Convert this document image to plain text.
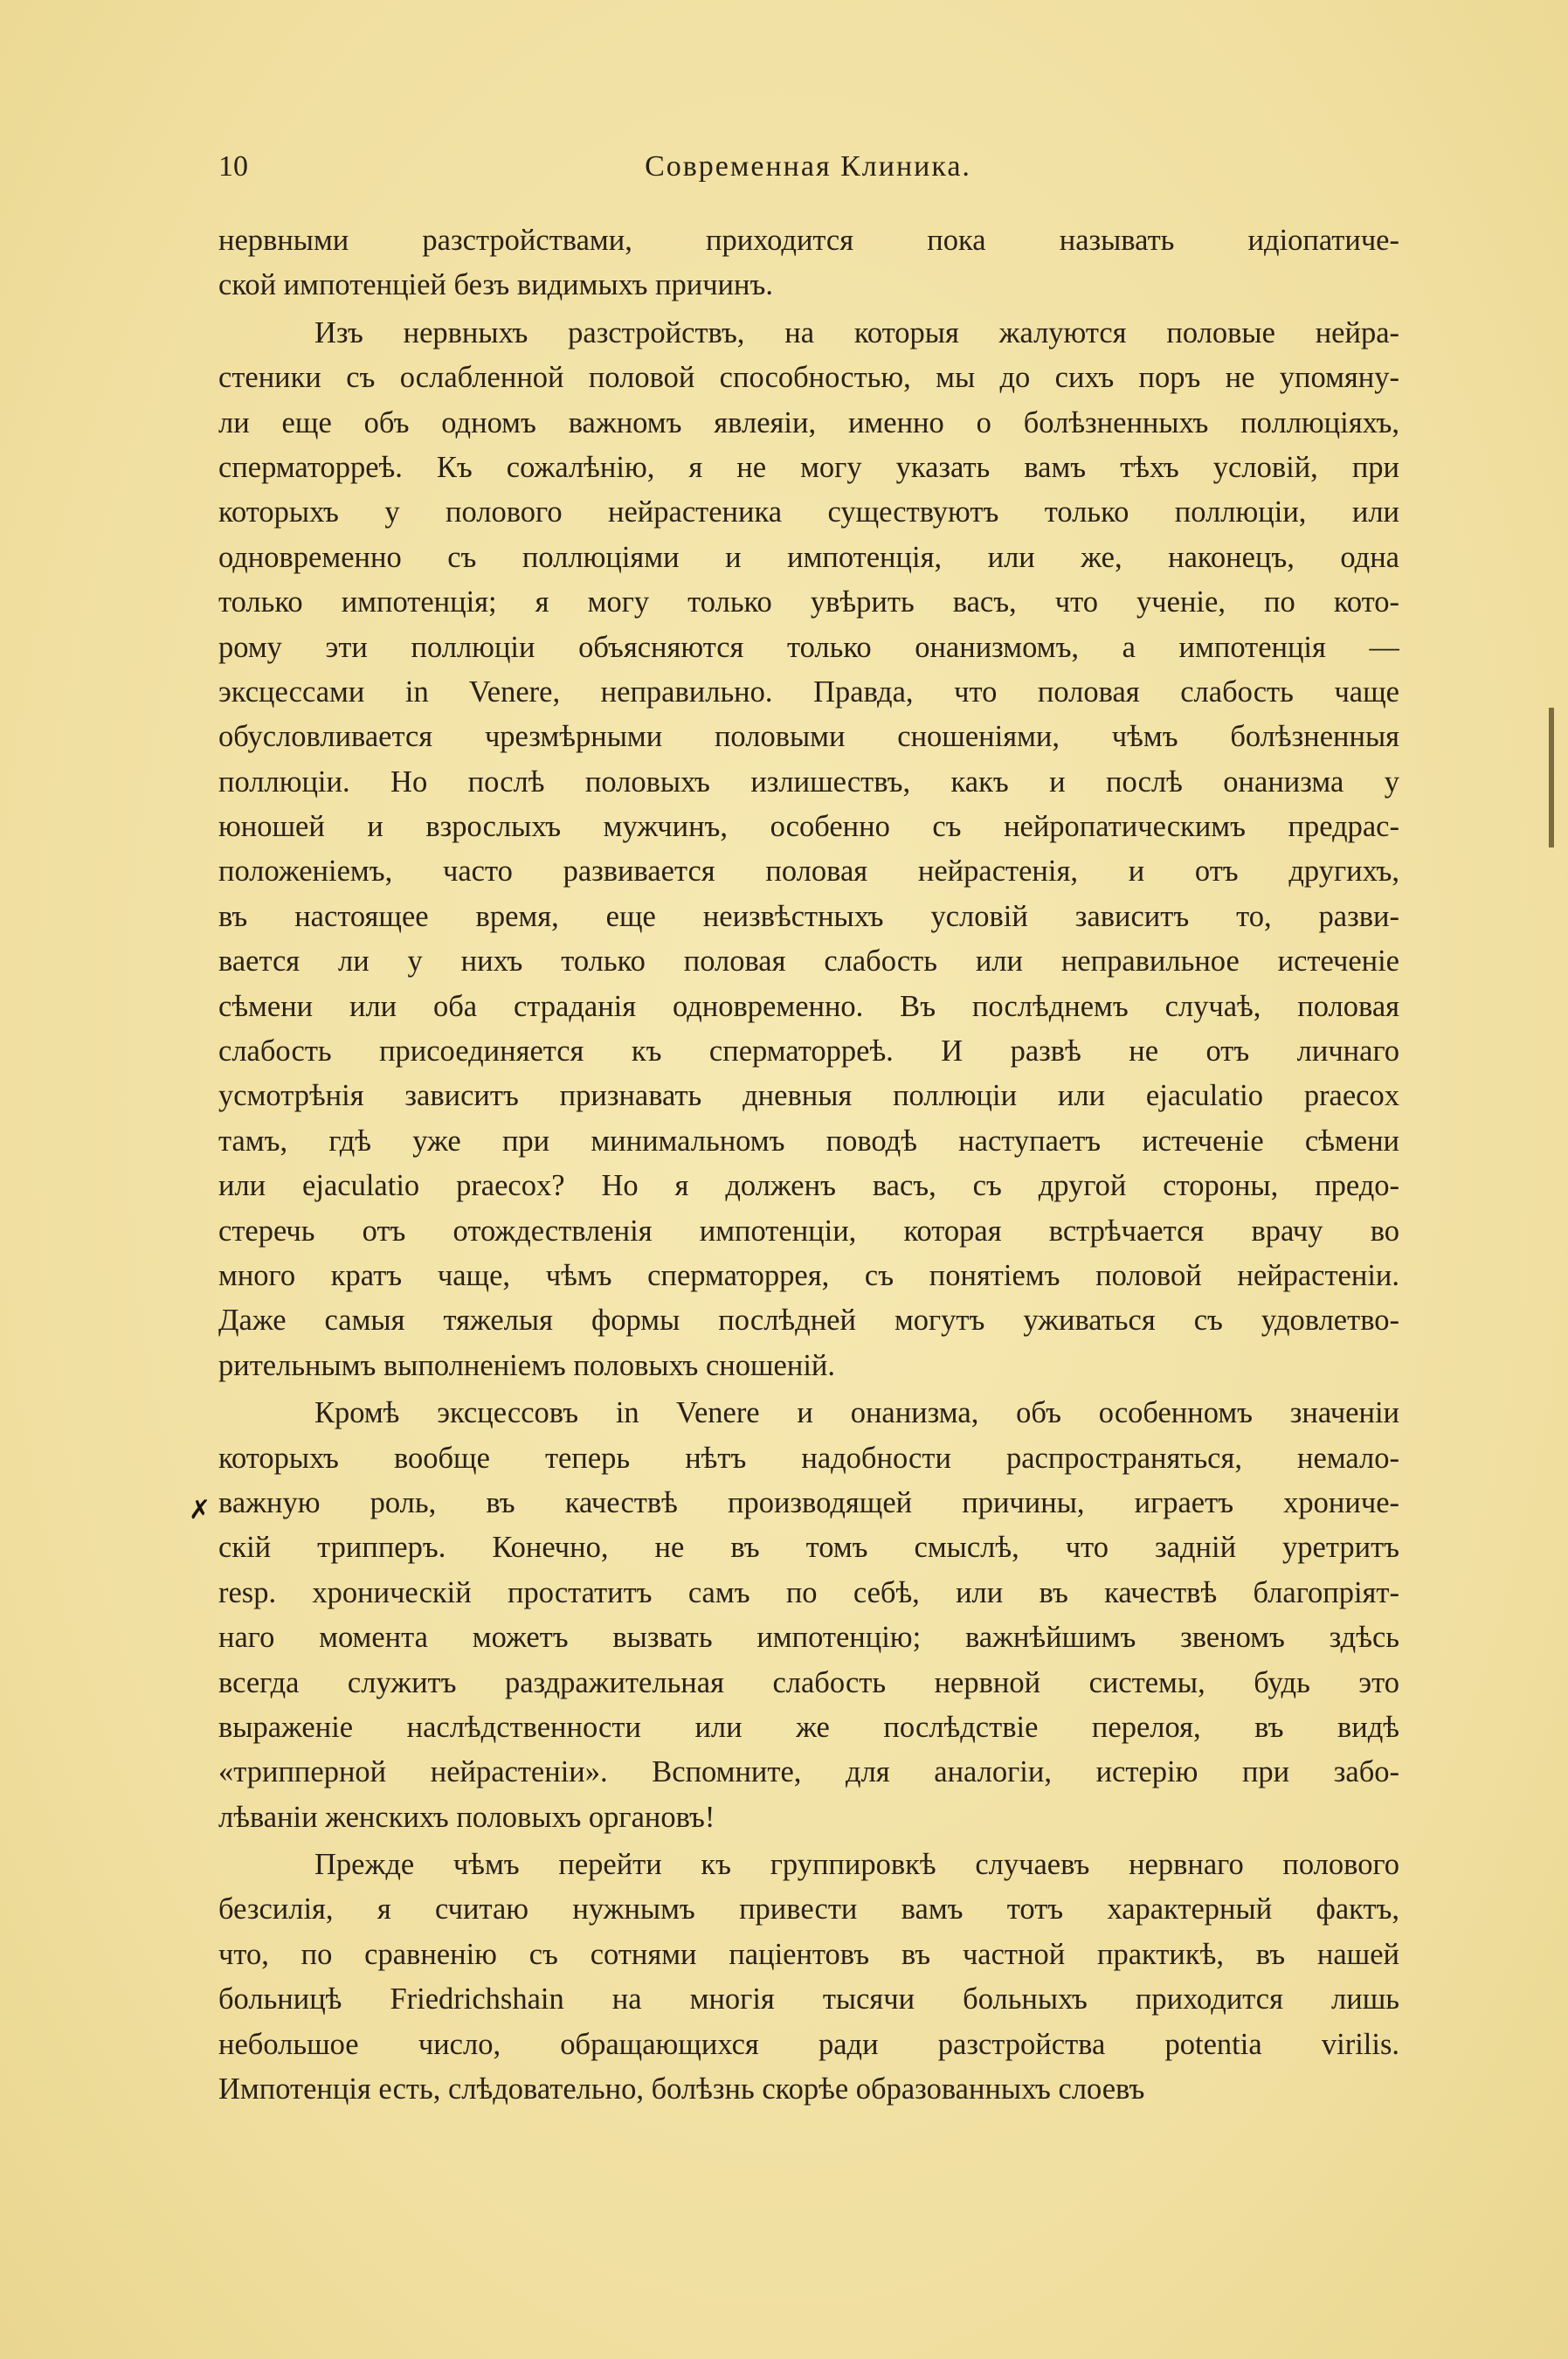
10	Современная Клиника.
нервными разстройствами, приходится пока называть идіопатиче-
ской импотенціей безъ видимыхъ причинъ.
Изъ нервныхъ разстройствъ, на которыя жалуются половые нейра-
стеники съ ослабленной половой способностью, мы до сихъ поръ не упомяну-
ли еще объ одномъ важномъ явлеяіи, именно о болѣзненныхъ поллюціяхъ,
сперматорреѣ. Къ сожалѣнію, я не могу указать вамъ тѣхъ условій, при
которыхъ у полового нейрастеника существуютъ только поллюціи, или
одновременно съ поллюціями и импотенція, или же, наконецъ, одна
только импотенція; я могу только увѣрить васъ, что ученіе, по кото-
рому эти поллюціи объясняются только онанизмомъ, а импотенція —
эксцессами in Venere, неправильно. Правда, что половая слабость чаще
обусловливается чрезмѣрными половыми сношеніями, чѣмъ болѣзненныя
поллюціи. Но послѣ половыхъ излишествъ, какъ и послѣ онанизма у
юношей и взрослыхъ мужчинъ, особенно съ нейропатическимъ предрас-
положеніемъ, часто развивается половая нейрастенія, и отъ другихъ,
въ настоящее время, еще неизвѣстныхъ условій зависитъ то, разви-
вается ли у нихъ только половая слабость или неправильное истеченіе
сѣмени или оба страданія одновременно. Въ послѣднемъ случаѣ, половая
слабость присоединяется къ сперматорреѣ. И развѣ не отъ личнаго
усмотрѣнія зависитъ признавать дневныя поллюціи или ejaculatio praecox
тамъ, гдѣ уже при минимальномъ поводѣ наступаетъ истеченіе сѣмени
или ejaculatio praecox? Но я долженъ васъ, съ другой стороны, предо-
стеречь отъ отождествленія импотенціи, которая встрѣчается врачу во
много кратъ чаще, чѣмъ сперматоррея, съ понятіемъ половой нейрастеніи.
Даже самыя тяжелыя формы послѣдней могутъ уживаться съ удовлетво-
рительнымъ выполненіемъ половыхъ сношеній.
Кромѣ эксцессовъ in Venere и онанизма, объ особенномъ значеніи
которыхъ вообще теперь нѣтъ надобности распространяться, немало-
важную роль, въ качествѣ производящей причины, играетъ хрониче-
скій трипперъ. Конечно, не въ томъ смыслѣ, что задній уретритъ
resp. хроническій простатитъ самъ по себѣ, или въ качествѣ благопріят-
наго момента можетъ вызвать импотенцію; важнѣйшимъ звеномъ здѣсь
всегда служитъ раздражительная слабость нервной системы, будь это
выраженіе наслѣдственности или же послѣдствіе перелоя, въ видѣ
«трипперной нейрастеніи». Вспомните, для аналогіи, истерію при забо-
лѣваніи женскихъ половыхъ органовъ!
Прежде чѣмъ перейти къ группировкѣ случаевъ нервнаго полового
безсилія, я считаю нужнымъ привести вамъ тотъ характерный фактъ,
что, по сравненію съ сотнями паціентовъ въ частной практикѣ, въ нашей
больницѣ Friedrichshain на многія тысячи больныхъ приходится лишь
небольшое число, обращающихся ради разстройства potentia virilis.
Импотенція есть, слѣдовательно, болѣзнь скорѣе образованныхъ слоевъ
✗
